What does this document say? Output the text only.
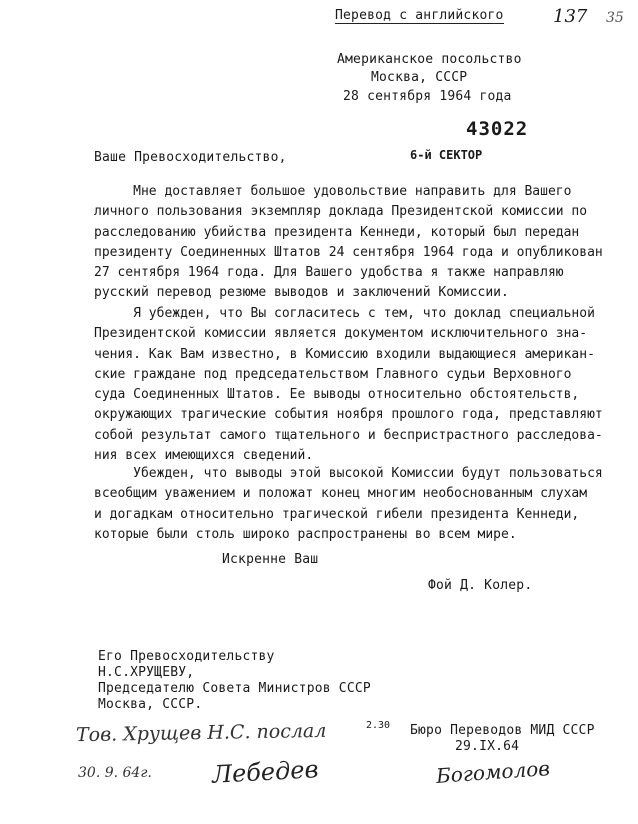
Перевод с английского	137 35
Американское посольство
Москва, СССР
28 сентября 1964 года
43022
6-й СЕКТОР
Ваше Превосходительство,
Мне доставляет большое удовольствие направить для Вашего
личного пользования экземпляр доклада Президентской комиссии по
расследованию убийства президента Кеннеди, который был передан
президенту Соединенных Штатов 24 сентября 1964 года и опубликован
27 сентября 1964 года. Для Вашего удобства я также направляю
русский перевод резюме выводов и заключений Комиссии.
Я убежден, что Вы согласитесь с тем, что доклад специальной
Президентской комиссии является документом исключительного зна-
чения. Как Вам известно, в Комиссию входили выдающиеся американ-
ские граждане под председательством Главного судьи Верховного
суда Соединенных Штатов. Ее выводы относительно обстоятельств,
окружающих трагические события ноября прошлого года, представляют
собой результат самого тщательного и беспристрастного расследова-
ния всех имеющихся сведений.
Убежден, что выводы этой высокой Комиссии будут пользоваться
всеобщим уважением и положат конец многим необоснованным слухам
и догадкам относительно трагической гибели президента Кеннеди,
которые были столь широко распространены во всем мире.
Искренне Ваш
Фой Д. Колер.
Его Превосходительству
Н.С.ХРУЩЕВУ,
Председателю Совета Министров СССР
Москва, СССР.
Тов. Хрущев Н.С. послал	2.30 Бюро Переводов МИД СССР
29.IX.64
30. 9. 64г. Лебедев	Богомолов
